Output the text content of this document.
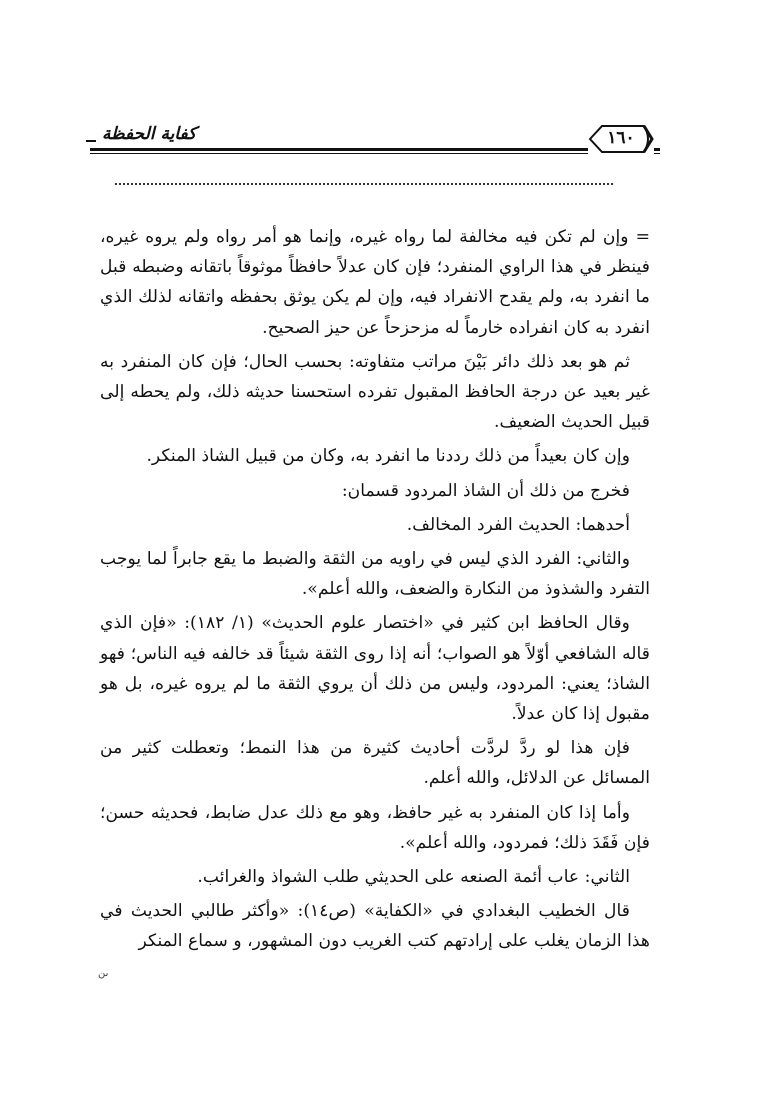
كفاية الحفظة	١٦٠

= وإن لم تكن فيه مخالفة لما رواه غيره، وإنما هو أمر رواه ولم يروه غيره، فينظر في هذا الراوي المنفرد؛ فإن كان عدلاً حافظاً موثوقاً باتقانه وضبطه قبل ما انفرد به، ولم يقدح الانفراد فيه، وإن لم يكن يوثق بحفظه واتقانه لذلك الذي انفرد به كان انفراده خارماً له مزحزحاً عن حيز الصحيح.

ثم هو بعد ذلك دائر بَيْنَ مراتب متفاوته: بحسب الحال؛ فإن كان المنفرد به غير بعيد عن درجة الحافظ المقبول تفرده استحسنا حديثه ذلك، ولم يحطه إلى قبيل الحديث الضعيف.

وإن كان بعيداً من ذلك رددنا ما انفرد به، وكان من قبيل الشاذ المنكر.

فخرج من ذلك أن الشاذ المردود قسمان:

أحدهما: الحديث الفرد المخالف.

والثاني: الفرد الذي ليس في راويه من الثقة والضبط ما يقع جابراً لما يوجب التفرد والشذوذ من النكارة والضعف، والله أعلم».

وقال الحافظ ابن كثير في «اختصار علوم الحديث» (١/ ١٨٢): «فإن الذي قاله الشافعي أوّلاً هو الصواب؛ أنه إذا روى الثقة شيئاً قد خالفه فيه الناس؛ فهو الشاذ؛ يعني: المردود، وليس من ذلك أن يروي الثقة ما لم يروه غيره، بل هو مقبول إذا كان عدلاً.

فإن هذا لو ردَّ لردَّت أحاديث كثيرة من هذا النمط؛ وتعطلت كثير من المسائل عن الدلائل، والله أعلم.

وأما إذا كان المنفرد به غير حافظ، وهو مع ذلك عدل ضابط، فحديثه حسن؛ فإن فَقَدَ ذلك؛ فمردود، والله أعلم».

الثاني: عاب أئمة الصنعه على الحديثي طلب الشواذ والغرائب.

قال الخطيب البغدادي في «الكفاية» (ص١٤): «وأكثر طالبي الحديث في هذا الزمان يغلب على إرادتهم كتب الغريب دون المشهور، و سماع المنكر

ىن
